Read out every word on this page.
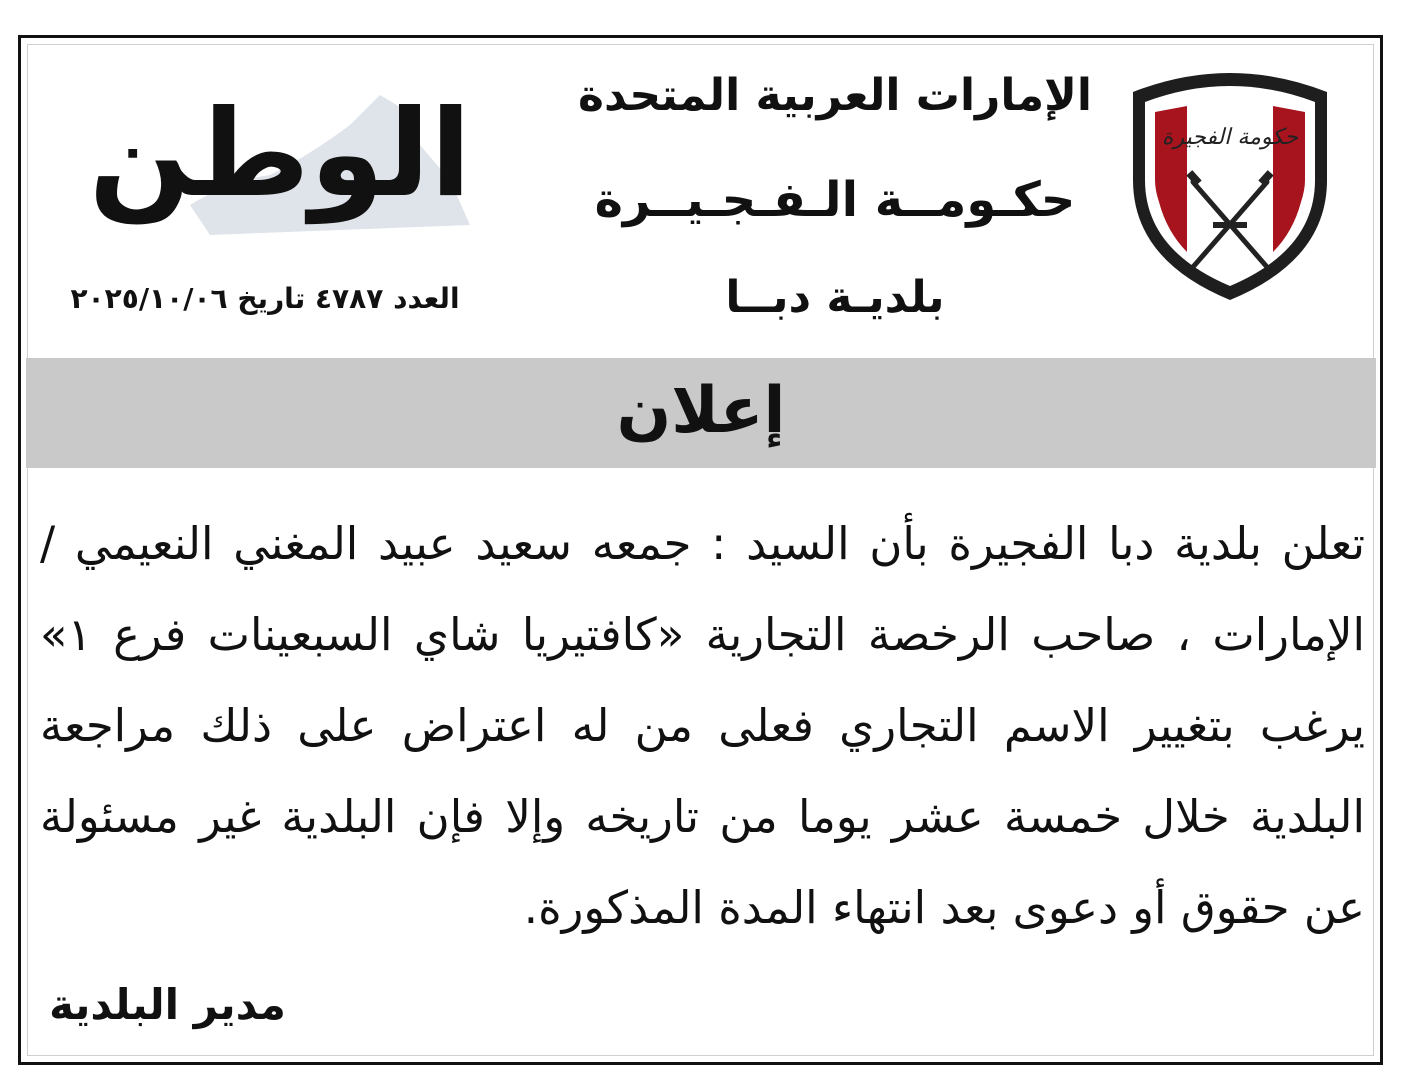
حكومة الفجيرة
الإمارات العربية المتحدة
حكـومــة الـفـجـيــرة
بلديـة دبــا
الوطن
العدد ٤٧٨٧ تاريخ ٢٠٢٥/١٠/٠٦
إعلان
تعلن بلدية دبا الفجيرة بأن السيد : جمعه سعيد عبيد المغني النعيمي / الإمارات ، صاحب الرخصة التجارية «كافتيريا شاي السبعينات فرع ١» يرغب بتغيير الاسم التجاري فعلى من له اعتراض على ذلك مراجعة البلدية خلال خمسة عشر يوما من تاريخه وإلا فإن البلدية غير مسئولة عن حقوق أو دعوى بعد انتهاء المدة المذكورة.
مدير البلدية
